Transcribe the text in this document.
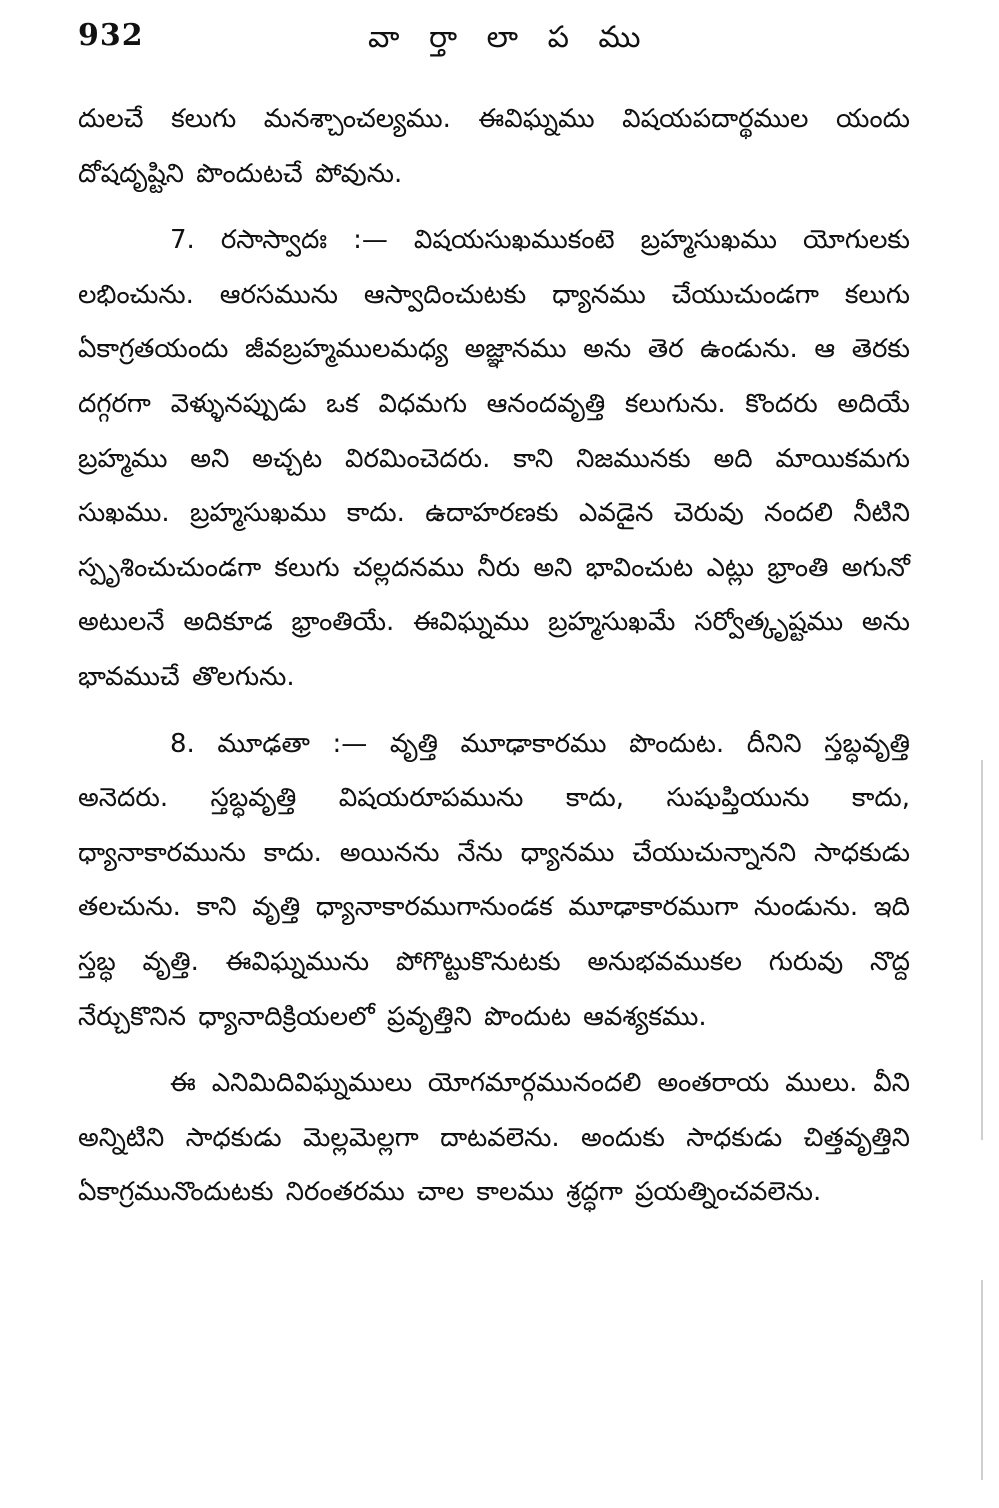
932	వా ర్తా లా ప ము

దులచే కలుగు మనశ్చాంచల్యము. ఈవిఘ్నము విషయపదార్థముల యందు దోషదృష్టిని పొందుటచే పోవును.

7. రసాస్వాదః :— విషయసుఖముకంటె బ్రహ్మసుఖము యోగులకు లభించును. ఆరసమును ఆస్వాదించుటకు ధ్యానము చేయుచుండగా కలుగు ఏకాగ్రతయందు జీవబ్రహ్మములమధ్య అజ్ఞానము అను తెర ఉండును. ఆ తెరకు దగ్గరగా వెళ్ళునప్పుడు ఒక విధమగు ఆనందవృత్తి కలుగును. కొందరు అదియే బ్రహ్మము అని అచ్చట విరమించెదరు. కాని నిజమునకు అది మాయికమగు సుఖము. బ్రహ్మసుఖము కాదు. ఉదాహరణకు ఎవడైన చెరువు నందలి నీటిని స్పృశించుచుండగా కలుగు చల్లదనము నీరు అని భావించుట ఎట్లు భ్రాంతి అగునో అటులనే అదికూడ భ్రాంతియే. ఈవిఘ్నము బ్రహ్మసుఖమే సర్వోత్కృష్టము అను భావముచే తొలగును.

8. మూఢతా :— వృత్తి మూఢాకారము పొందుట. దీనిని స్తబ్ధవృత్తి అనెదరు. స్తబ్ధవృత్తి విషయరూపమును కాదు, సుషుప్తియును కాదు, ధ్యానాకారమును కాదు. అయినను నేను ధ్యానము చేయుచున్నానని సాధకుడు తలచును. కాని వృత్తి ధ్యానాకారముగానుండక మూఢాకారముగా నుండును. ఇది స్తబ్ధ వృత్తి. ఈవిఘ్నమును పోగొట్టుకొనుటకు అనుభవముకల గురువు నొద్ద నేర్చుకొనిన ధ్యానాదిక్రియలలో ప్రవృత్తిని పొందుట ఆవశ్యకము.

ఈ ఎనిమిదివిఘ్నములు యోగమార్గమునందలి అంతరాయ ములు. వీని అన్నిటిని సాధకుడు మెల్లమెల్లగా దాటవలెను. అందుకు సాధకుడు చిత్తవృత్తిని ఏకాగ్రమునొందుటకు నిరంతరము చాల కాలము శ్రద్ధగా ప్రయత్నించవలెను.
